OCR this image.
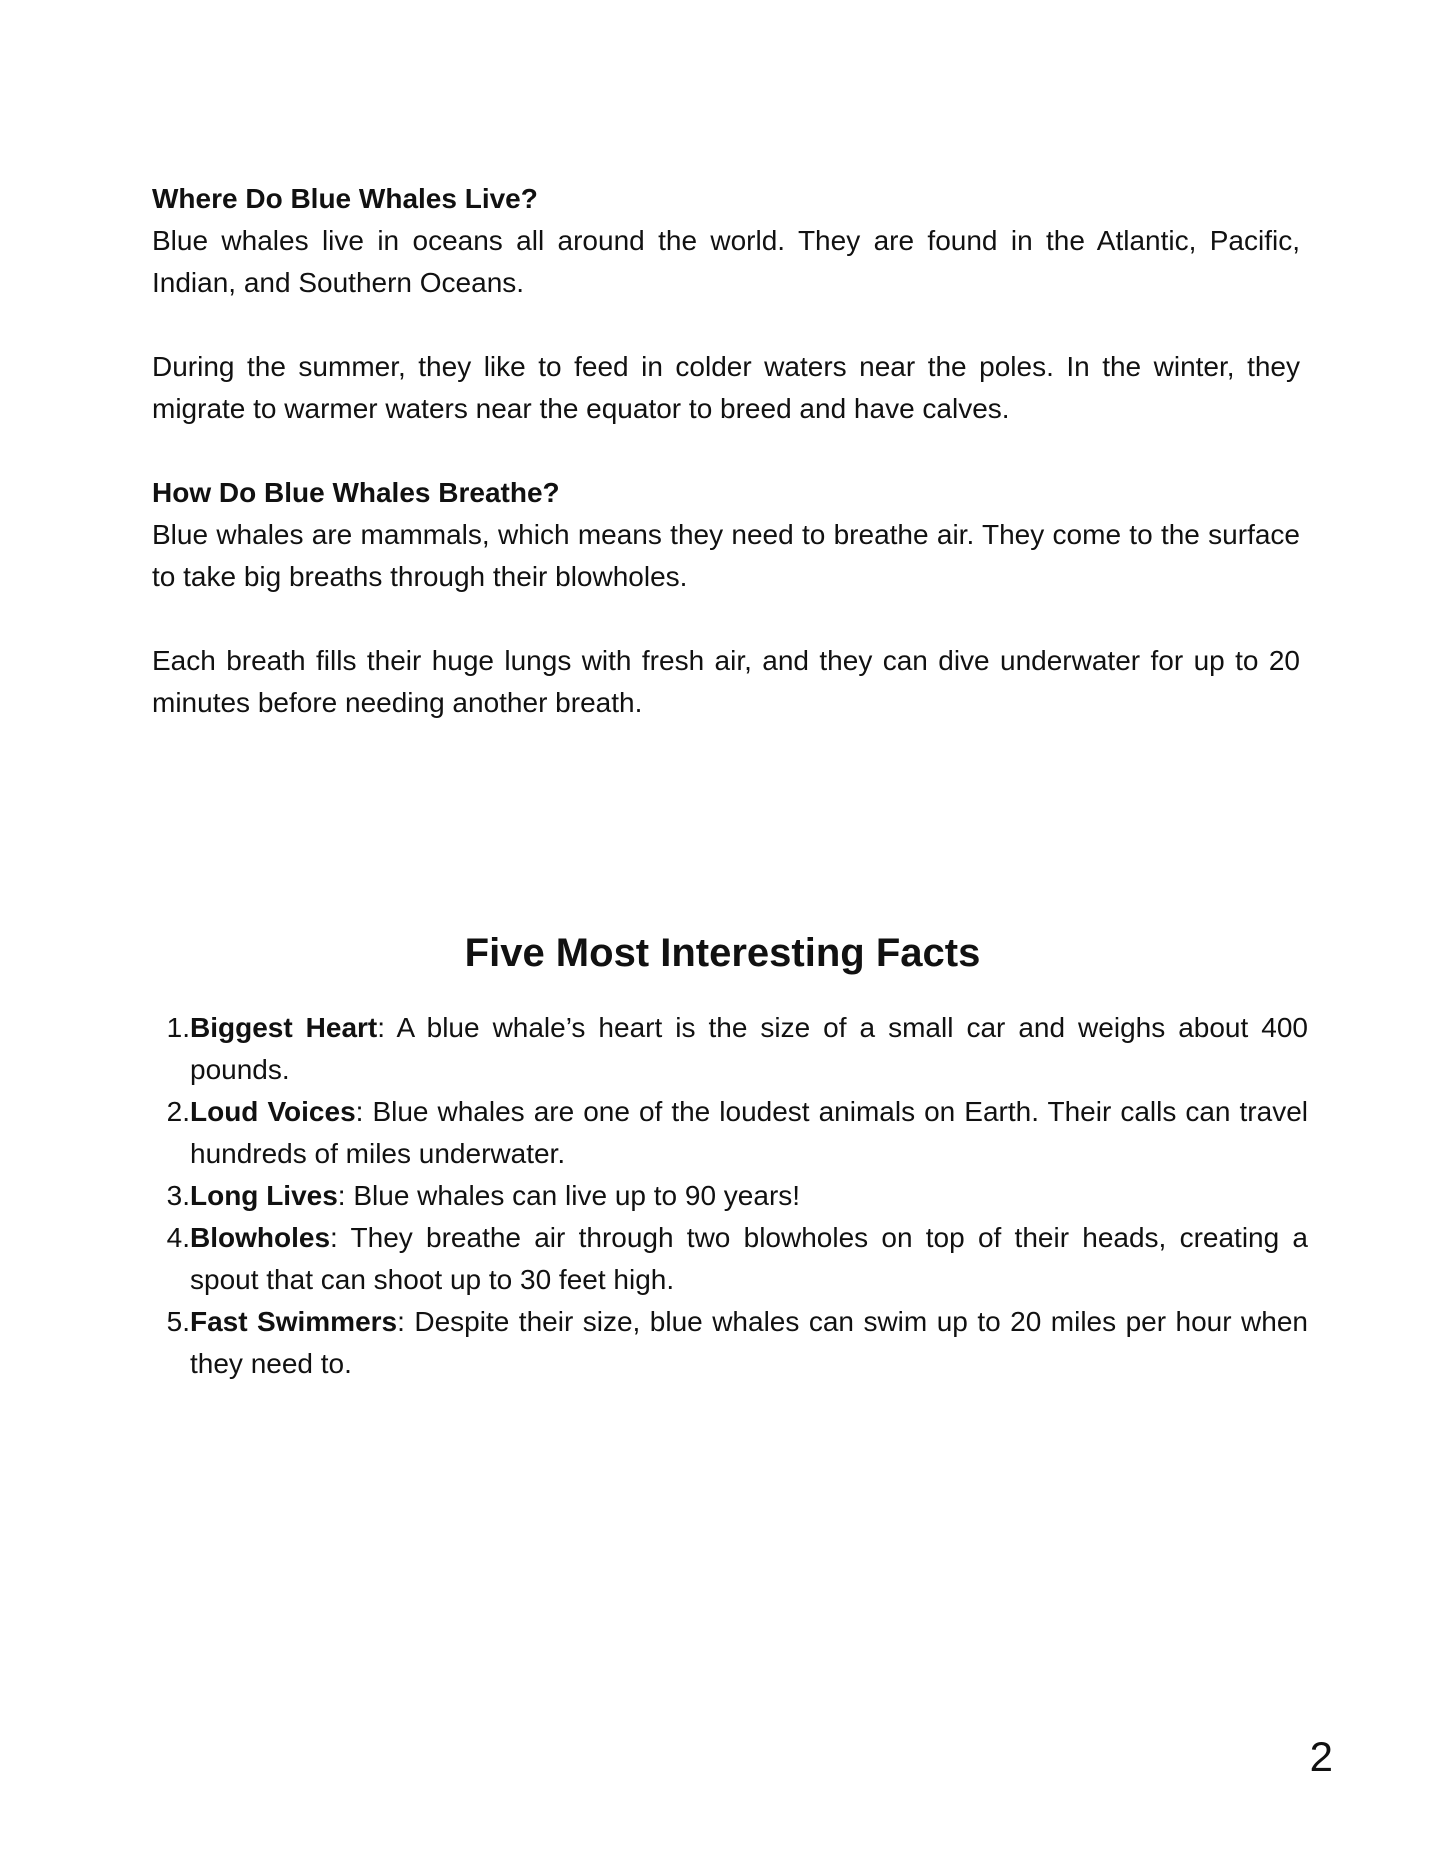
Where Do Blue Whales Live?

Blue whales live in oceans all around the world. They are found in the Atlantic, Pacific, Indian, and Southern Oceans.

During the summer, they like to feed in colder waters near the poles. In the winter, they migrate to warmer waters near the equator to breed and have calves.

How Do Blue Whales Breathe?

Blue whales are mammals, which means they need to breathe air. They come to the surface to take big breaths through their blowholes.

Each breath fills their huge lungs with fresh air, and they can dive underwater for up to 20 minutes before needing another breath.

Five Most Interesting Facts
1. Biggest Heart: A blue whale’s heart is the size of a small car and weighs about 400 pounds.
2. Loud Voices: Blue whales are one of the loudest animals on Earth. Their calls can travel hundreds of miles underwater.
3. Long Lives: Blue whales can live up to 90 years!
4. Blowholes: They breathe air through two blowholes on top of their heads, creating a spout that can shoot up to 30 feet high.
5. Fast Swimmers: Despite their size, blue whales can swim up to 20 miles per hour when they need to.
2
